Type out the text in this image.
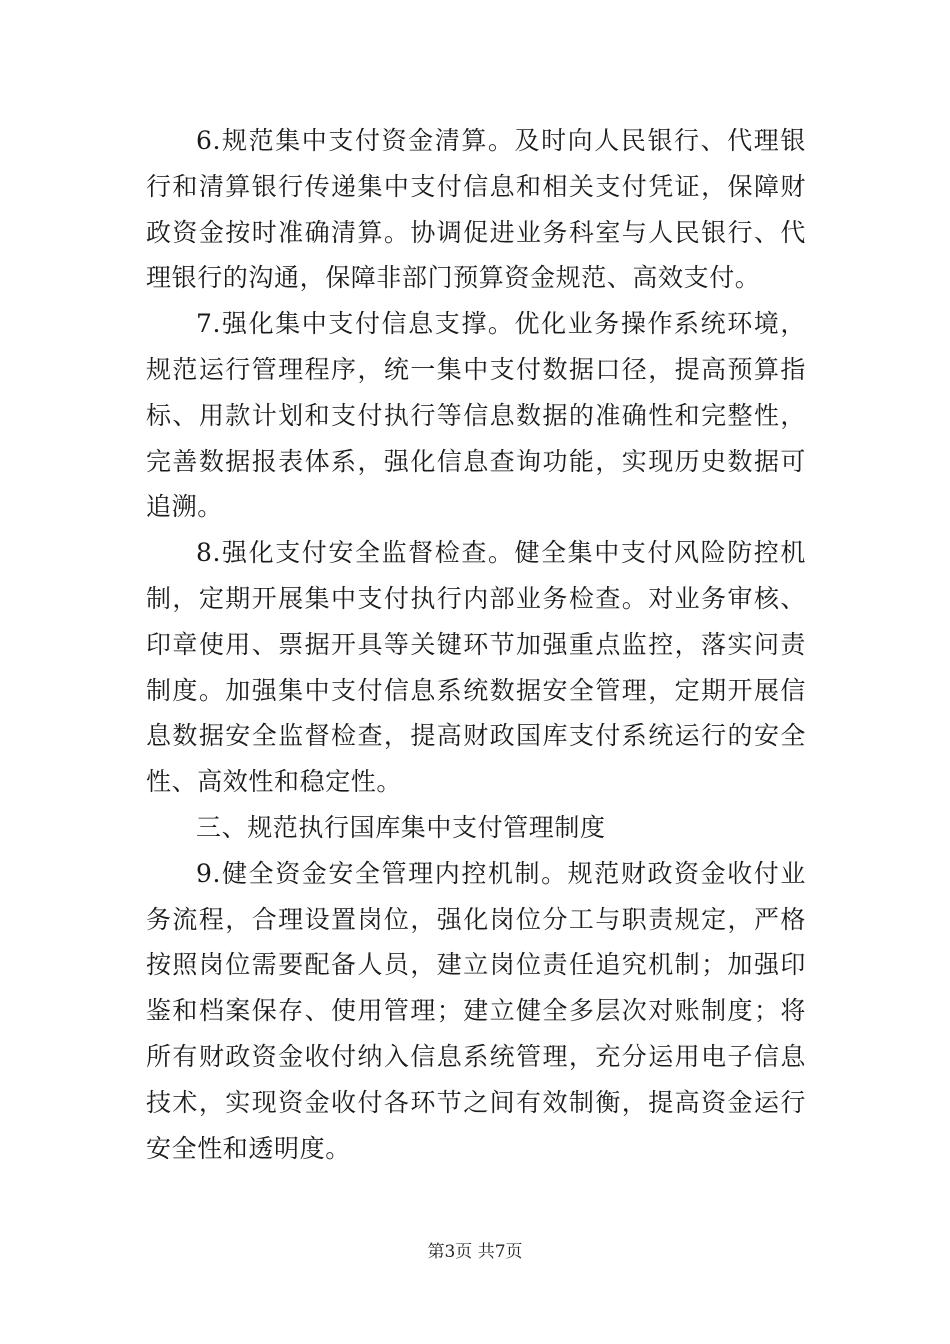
6.规范集中支付资金清算。及时向人民银行、代理银行和清算银行传递集中支付信息和相关支付凭证，保障财政资金按时准确清算。协调促进业务科室与人民银行、代理银行的沟通，保障非部门预算资金规范、高效支付。

7.强化集中支付信息支撑。优化业务操作系统环境，规范运行管理程序，统一集中支付数据口径，提高预算指标、用款计划和支付执行等信息数据的准确性和完整性，完善数据报表体系，强化信息查询功能，实现历史数据可追溯。

8.强化支付安全监督检查。健全集中支付风险防控机制，定期开展集中支付执行内部业务检查。对业务审核、印章使用、票据开具等关键环节加强重点监控，落实问责制度。加强集中支付信息系统数据安全管理，定期开展信息数据安全监督检查，提高财政国库支付系统运行的安全性、高效性和稳定性。

三、规范执行国库集中支付管理制度

9.健全资金安全管理内控机制。规范财政资金收付业务流程，合理设置岗位，强化岗位分工与职责规定，严格按照岗位需要配备人员，建立岗位责任追究机制；加强印鉴和档案保存、使用管理；建立健全多层次对账制度；将所有财政资金收付纳入信息系统管理，充分运用电子信息技术，实现资金收付各环节之间有效制衡，提高资金运行安全性和透明度。

第3页 共7页
